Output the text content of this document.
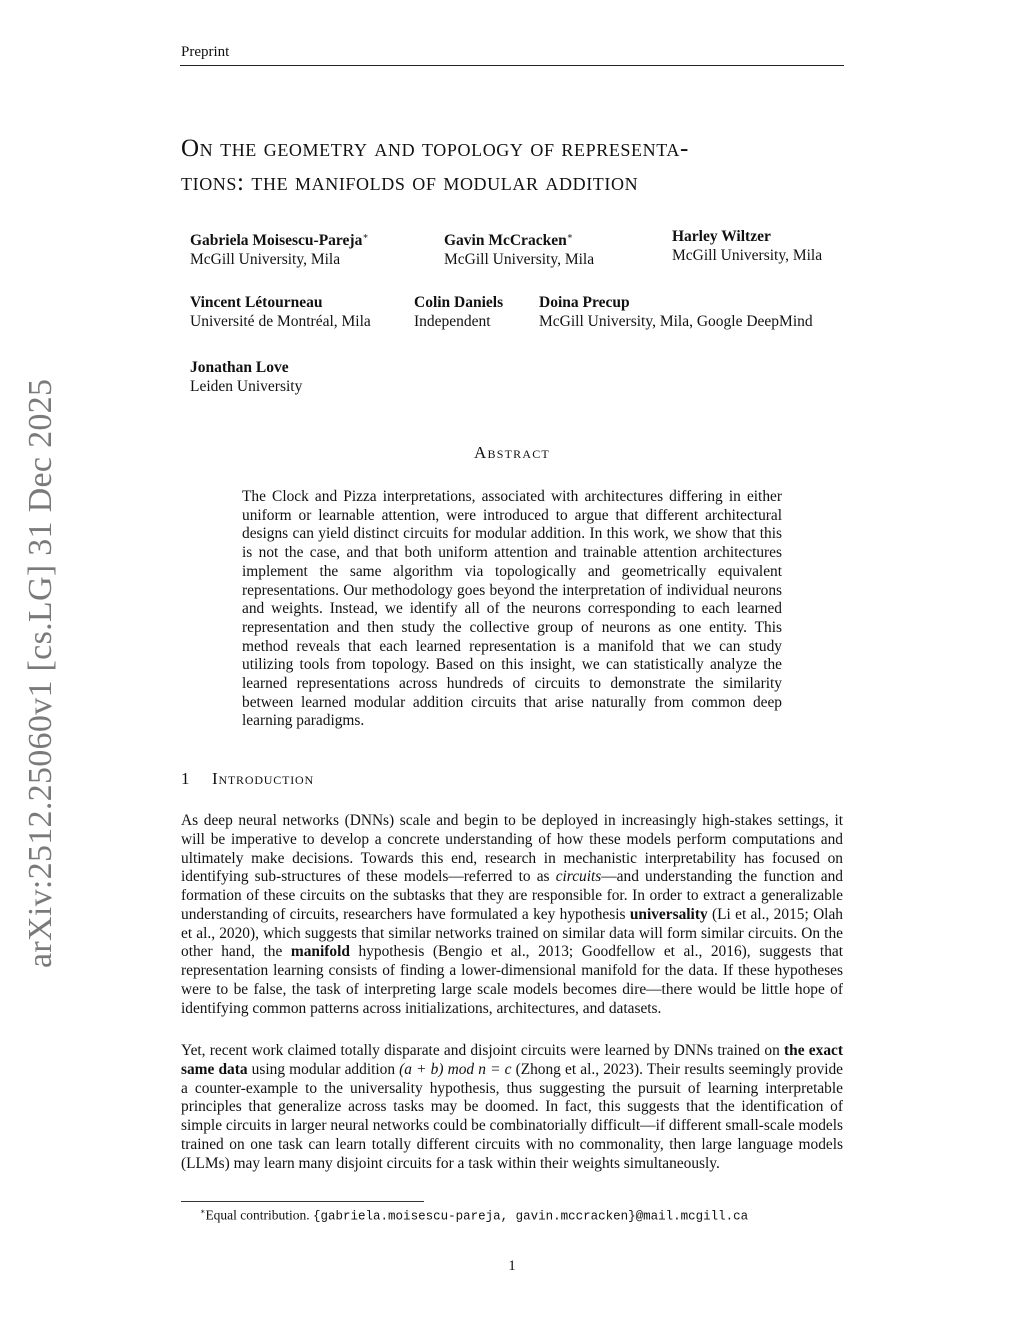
Preprint
arXiv:2512.25060v1 [cs.LG] 31 Dec 2025
On the geometry and topology of representa-
tions: the manifolds of modular addition
Gabriela Moisescu-Pareja∗
McGill University, Mila
Gavin McCracken∗
McGill University, Mila
Harley Wiltzer
McGill University, Mila
Vincent Létourneau
Université de Montréal, Mila
Colin Daniels
Independent
Doina Precup
McGill University, Mila, Google DeepMind
Jonathan Love
Leiden University
Abstract
The Clock and Pizza interpretations, associated with architectures differing in either uniform or learnable attention, were introduced to argue that different architectural designs can yield distinct circuits for modular addition. In this work, we show that this is not the case, and that both uniform attention and trainable attention architectures implement the same algorithm via topologically and geometrically equivalent representations. Our methodology goes beyond the interpretation of individual neurons and weights. Instead, we identify all of the neurons corresponding to each learned representation and then study the collective group of neurons as one entity. This method reveals that each learned representation is a manifold that we can study utilizing tools from topology. Based on this insight, we can statistically analyze the learned representations across hundreds of circuits to demonstrate the similarity between learned modular addition circuits that arise naturally from common deep learning paradigms.
1 Introduction
As deep neural networks (DNNs) scale and begin to be deployed in increasingly high-stakes settings, it will be imperative to develop a concrete understanding of how these models perform computations and ultimately make decisions. Towards this end, research in mechanistic interpretability has focused on identifying sub-structures of these models—referred to as circuits—and understanding the function and formation of these circuits on the subtasks that they are responsible for. In order to extract a generalizable understanding of circuits, researchers have formulated a key hypothesis universality (Li et al., 2015; Olah et al., 2020), which suggests that similar networks trained on similar data will form similar circuits. On the other hand, the manifold hypothesis (Bengio et al., 2013; Goodfellow et al., 2016), suggests that representation learning consists of finding a lower-dimensional manifold for the data. If these hypotheses were to be false, the task of interpreting large scale models becomes dire—there would be little hope of identifying common patterns across initializations, architectures, and datasets.
Yet, recent work claimed totally disparate and disjoint circuits were learned by DNNs trained on the exact same data using modular addition (a + b) mod n = c (Zhong et al., 2023). Their results seemingly provide a counter-example to the universality hypothesis, thus suggesting the pursuit of learning interpretable principles that generalize across tasks may be doomed. In fact, this suggests that the identification of simple circuits in larger neural networks could be combinatorially difficult—if different small-scale models trained on one task can learn totally different circuits with no commonality, then large language models (LLMs) may learn many disjoint circuits for a task within their weights simultaneously.
∗Equal contribution. {gabriela.moisescu-pareja, gavin.mccracken}@mail.mcgill.ca
1
